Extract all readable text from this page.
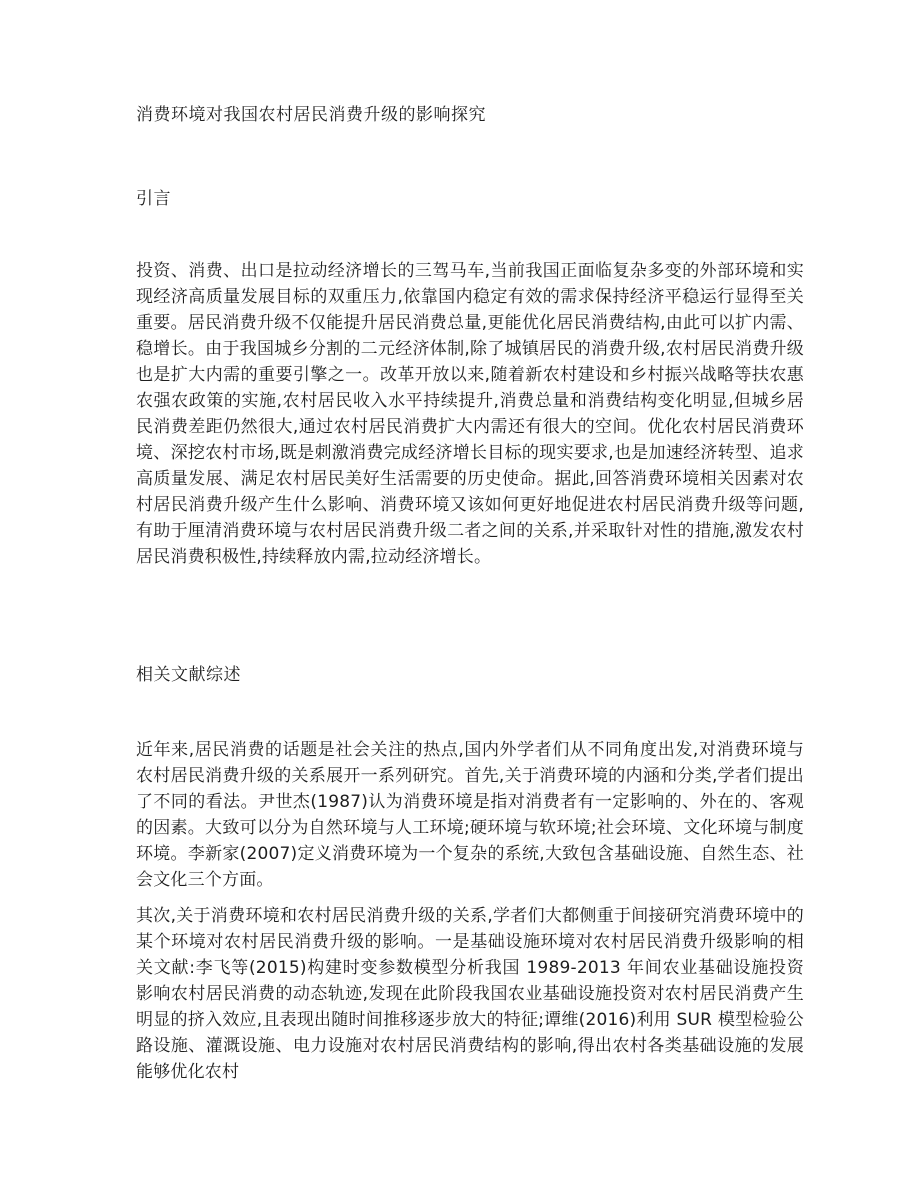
消费环境对我国农村居民消费升级的影响探究
引言

投资、消费、出口是拉动经济增长的三驾马车,当前我国正面临复杂多变的外部环境和实现经济高质量发展目标的双重压力,依靠国内稳定有效的需求保持经济平稳运行显得至关重要。居民消费升级不仅能提升居民消费总量,更能优化居民消费结构,由此可以扩内需、稳增长。由于我国城乡分割的二元经济体制,除了城镇居民的消费升级,农村居民消费升级也是扩大内需的重要引擎之一。改革开放以来,随着新农村建设和乡村振兴战略等扶农惠农强农政策的实施,农村居民收入水平持续提升,消费总量和消费结构变化明显,但城乡居民消费差距仍然很大,通过农村居民消费扩大内需还有很大的空间。优化农村居民消费环境、深挖农村市场,既是刺激消费完成经济增长目标的现实要求,也是加速经济转型、追求高质量发展、满足农村居民美好生活需要的历史使命。据此,回答消费环境相关因素对农村居民消费升级产生什么影响、消费环境又该如何更好地促进农村居民消费升级等问题,有助于厘清消费环境与农村居民消费升级二者之间的关系,并采取针对性的措施,激发农村居民消费积极性,持续释放内需,拉动经济增长。

相关文献综述

近年来,居民消费的话题是社会关注的热点,国内外学者们从不同角度出发,对消费环境与农村居民消费升级的关系展开一系列研究。首先,关于消费环境的内涵和分类,学者们提出了不同的看法。尹世杰(1987)认为消费环境是指对消费者有一定影响的、外在的、客观的因素。大致可以分为自然环境与人工环境;硬环境与软环境;社会环境、文化环境与制度环境。李新家(2007)定义消费环境为一个复杂的系统,大致包含基础设施、自然生态、社会文化三个方面。

其次,关于消费环境和农村居民消费升级的关系,学者们大都侧重于间接研究消费环境中的某个环境对农村居民消费升级的影响。一是基础设施环境对农村居民消费升级影响的相关文献:李飞等(2015)构建时变参数模型分析我国 1989-2013 年间农业基础设施投资影响农村居民消费的动态轨迹,发现在此阶段我国农业基础设施投资对农村居民消费产生明显的挤入效应,且表现出随时间推移逐步放大的特征;谭维(2016)利用 SUR 模型检验公路设施、灌溉设施、电力设施对农村居民消费结构的影响,得出农村各类基础设施的发展能够优化农村
